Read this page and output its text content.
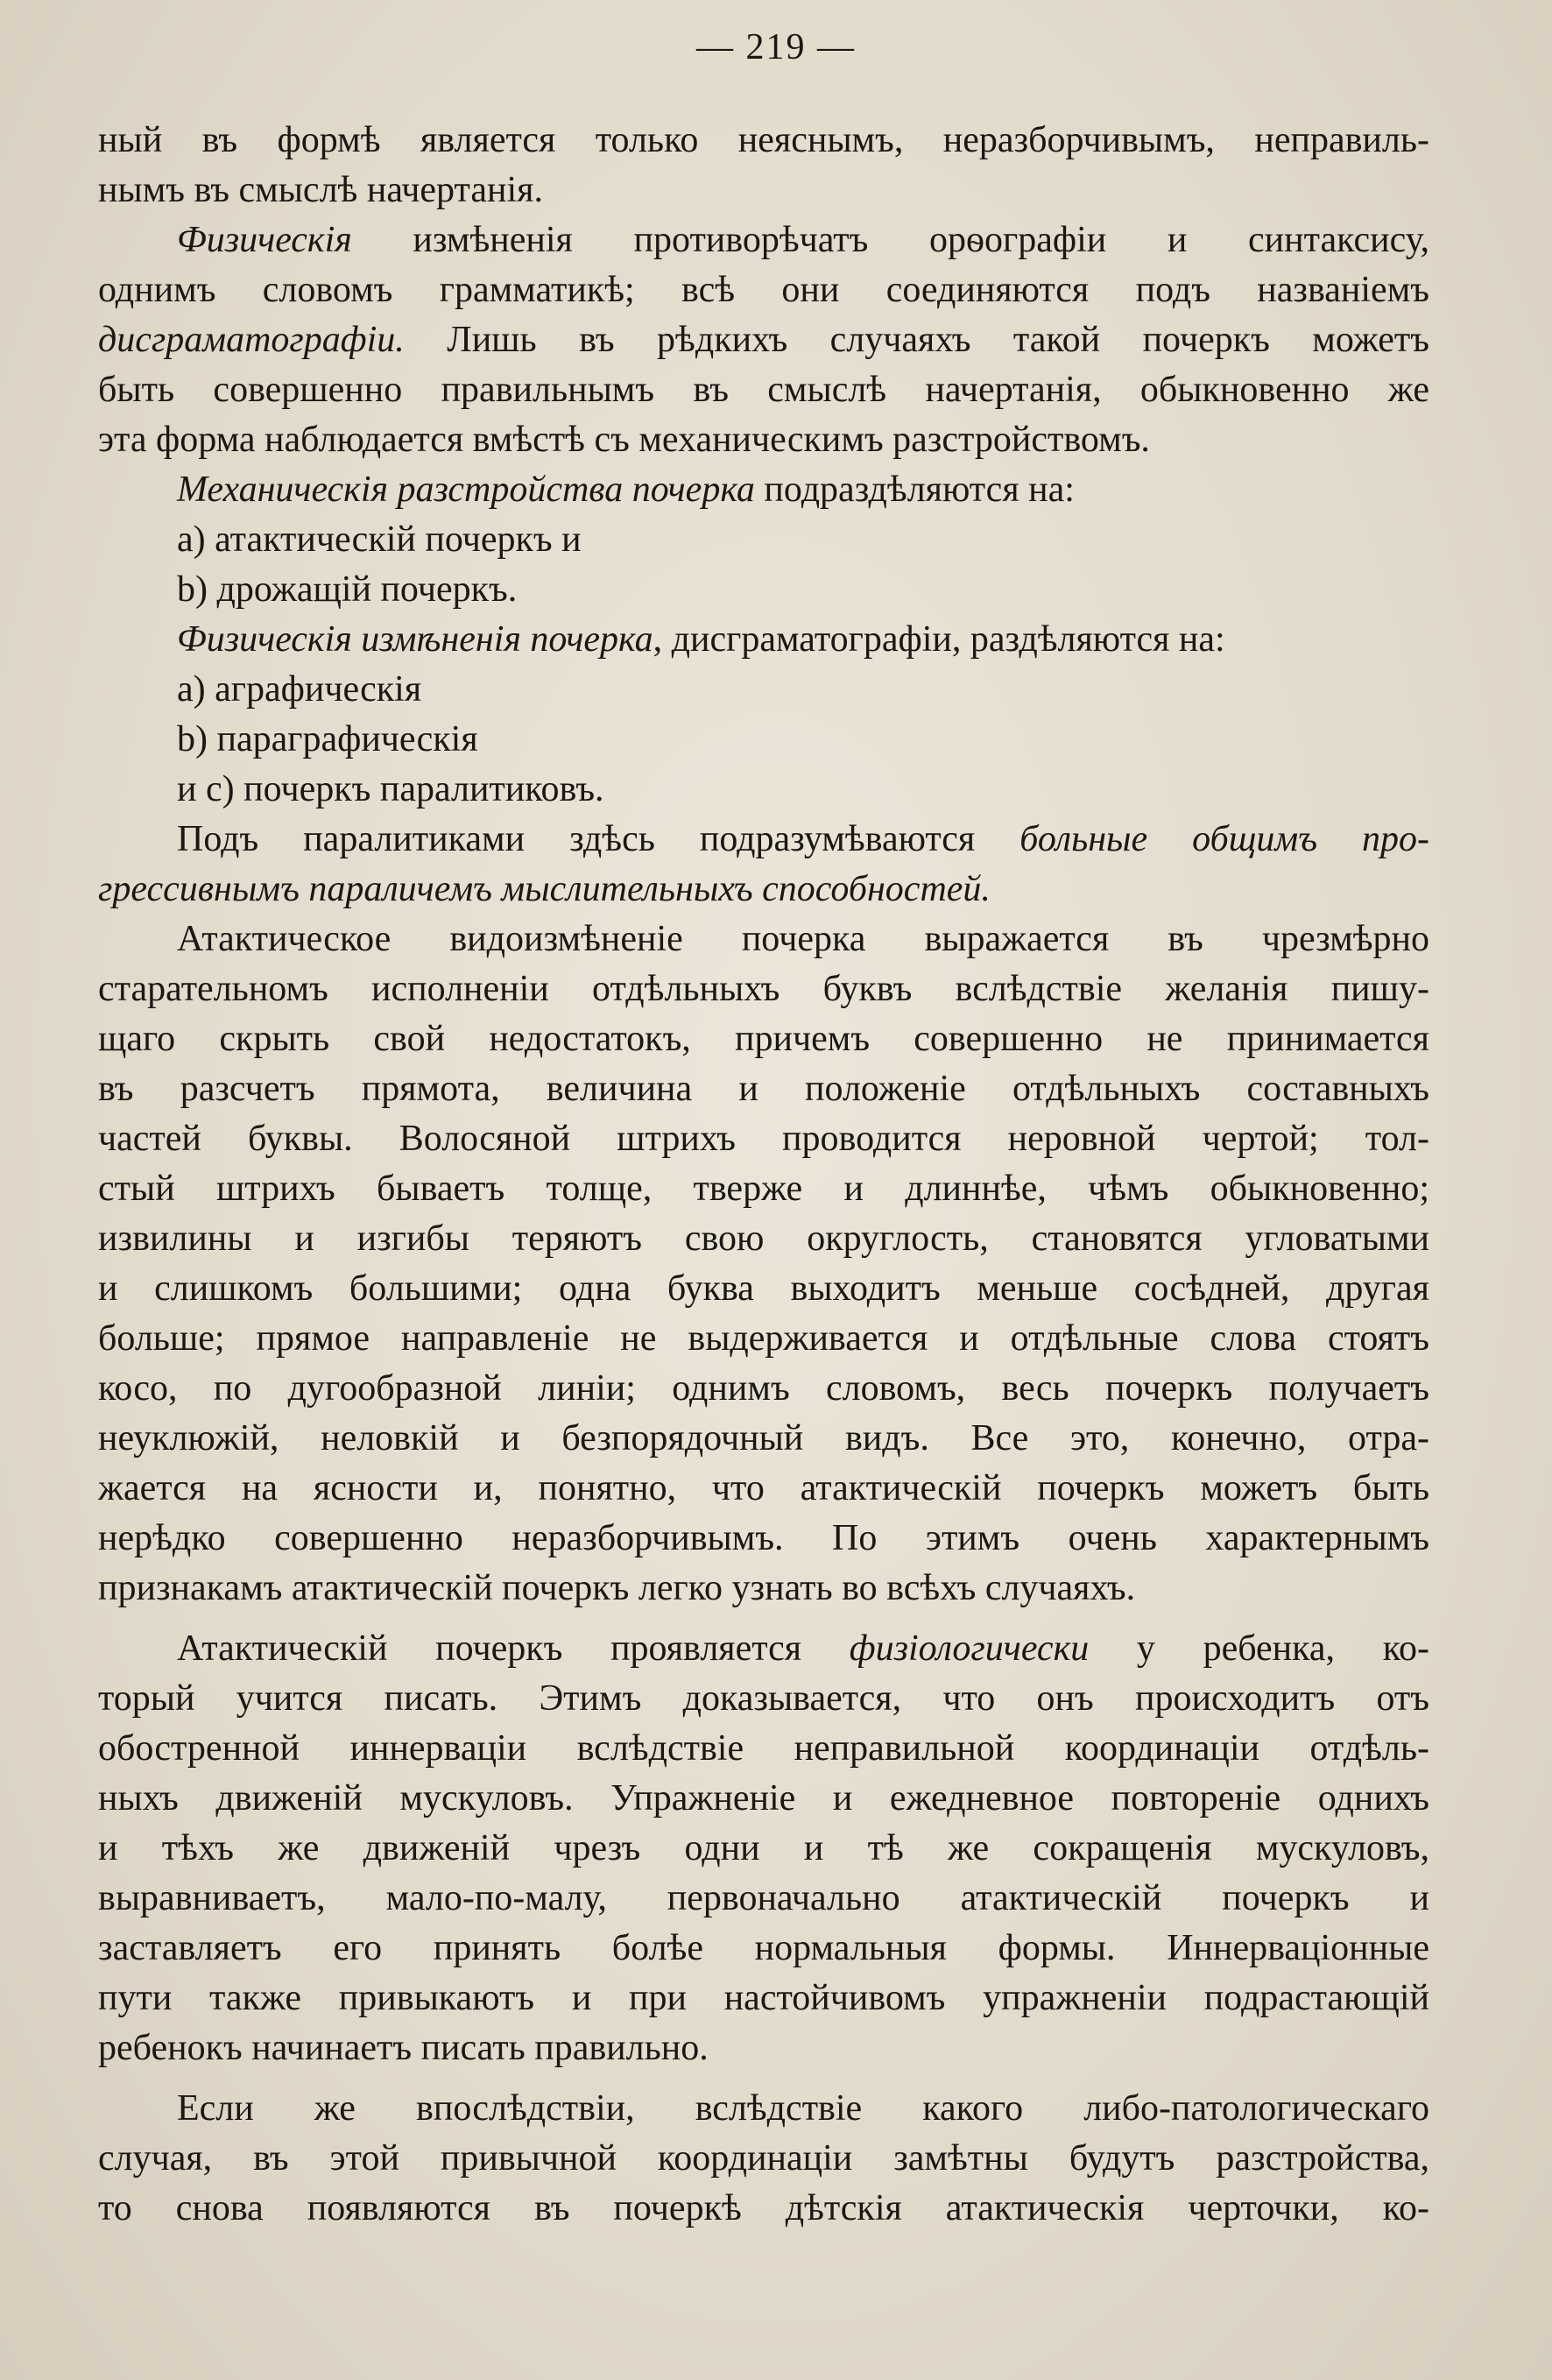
— 219 —
ный въ формѣ является только неяснымъ, неразборчивымъ, неправиль-
нымъ въ смыслѣ начертанія.
Физическія измѣненія противорѣчатъ орѳографіи и синтаксису,
однимъ словомъ грамматикѣ; всѣ они соединяются подъ названіемъ
дисграматографіи. Лишь въ рѣдкихъ случаяхъ такой почеркъ можетъ
быть совершенно правильнымъ въ смыслѣ начертанія, обыкновенно же
эта форма наблюдается вмѣстѣ съ механическимъ разстройствомъ.
Механическія разстройства почерка подраздѣляются на:
a) атактическій почеркъ и
b) дрожащій почеркъ.
Физическія измѣненія почерка, дисграматографіи, раздѣляются на:
a) аграфическія
b) параграфическія
и c) почеркъ паралитиковъ.
Подъ паралитиками здѣсь подразумѣваются больные общимъ про-
грессивнымъ параличемъ мыслительныхъ способностей.
Атактическое видоизмѣненіе почерка выражается въ чрезмѣрно
старательномъ исполненіи отдѣльныхъ буквъ вслѣдствіе желанія пишу-
щаго скрыть свой недостатокъ, причемъ совершенно не принимается
въ разсчетъ прямота, величина и положеніе отдѣльныхъ составныхъ
частей буквы. Волосяной штрихъ проводится неровной чертой; тол-
стый штрихъ бываетъ толще, тверже и длиннѣе, чѣмъ обыкновенно;
извилины и изгибы теряютъ свою округлость, становятся угловатыми
и слишкомъ большими; одна буква выходитъ меньше сосѣдней, другая
больше; прямое направленіе не выдерживается и отдѣльные слова стоятъ
косо, по дугообразной линіи; однимъ словомъ, весь почеркъ получаетъ
неуклюжій, неловкій и безпорядочный видъ. Все это, конечно, отра-
жается на ясности и, понятно, что атактическій почеркъ можетъ быть
нерѣдко совершенно неразборчивымъ. По этимъ очень характернымъ
признакамъ атактическій почеркъ легко узнать во всѣхъ случаяхъ.
Атактическій почеркъ проявляется физіологически у ребенка, ко-
торый учится писать. Этимъ доказывается, что онъ происходитъ отъ
обостренной иннерваціи вслѣдствіе неправильной координаціи отдѣль-
ныхъ движеній мускуловъ. Упражненіе и ежедневное повтореніе однихъ
и тѣхъ же движеній чрезъ одни и тѣ же сокращенія мускуловъ,
выравниваетъ, мало-по-малу, первоначально атактическій почеркъ и
заставляетъ его принять болѣе нормальныя формы. Иннерваціонные
пути также привыкаютъ и при настойчивомъ упражненіи подрастающій
ребенокъ начинаетъ писать правильно.
Если же впослѣдствіи, вслѣдствіе какого либо-патологическаго
случая, въ этой привычной координаціи замѣтны будутъ разстройства,
то снова появляются въ почеркѣ дѣтскія атактическія черточки, ко-
